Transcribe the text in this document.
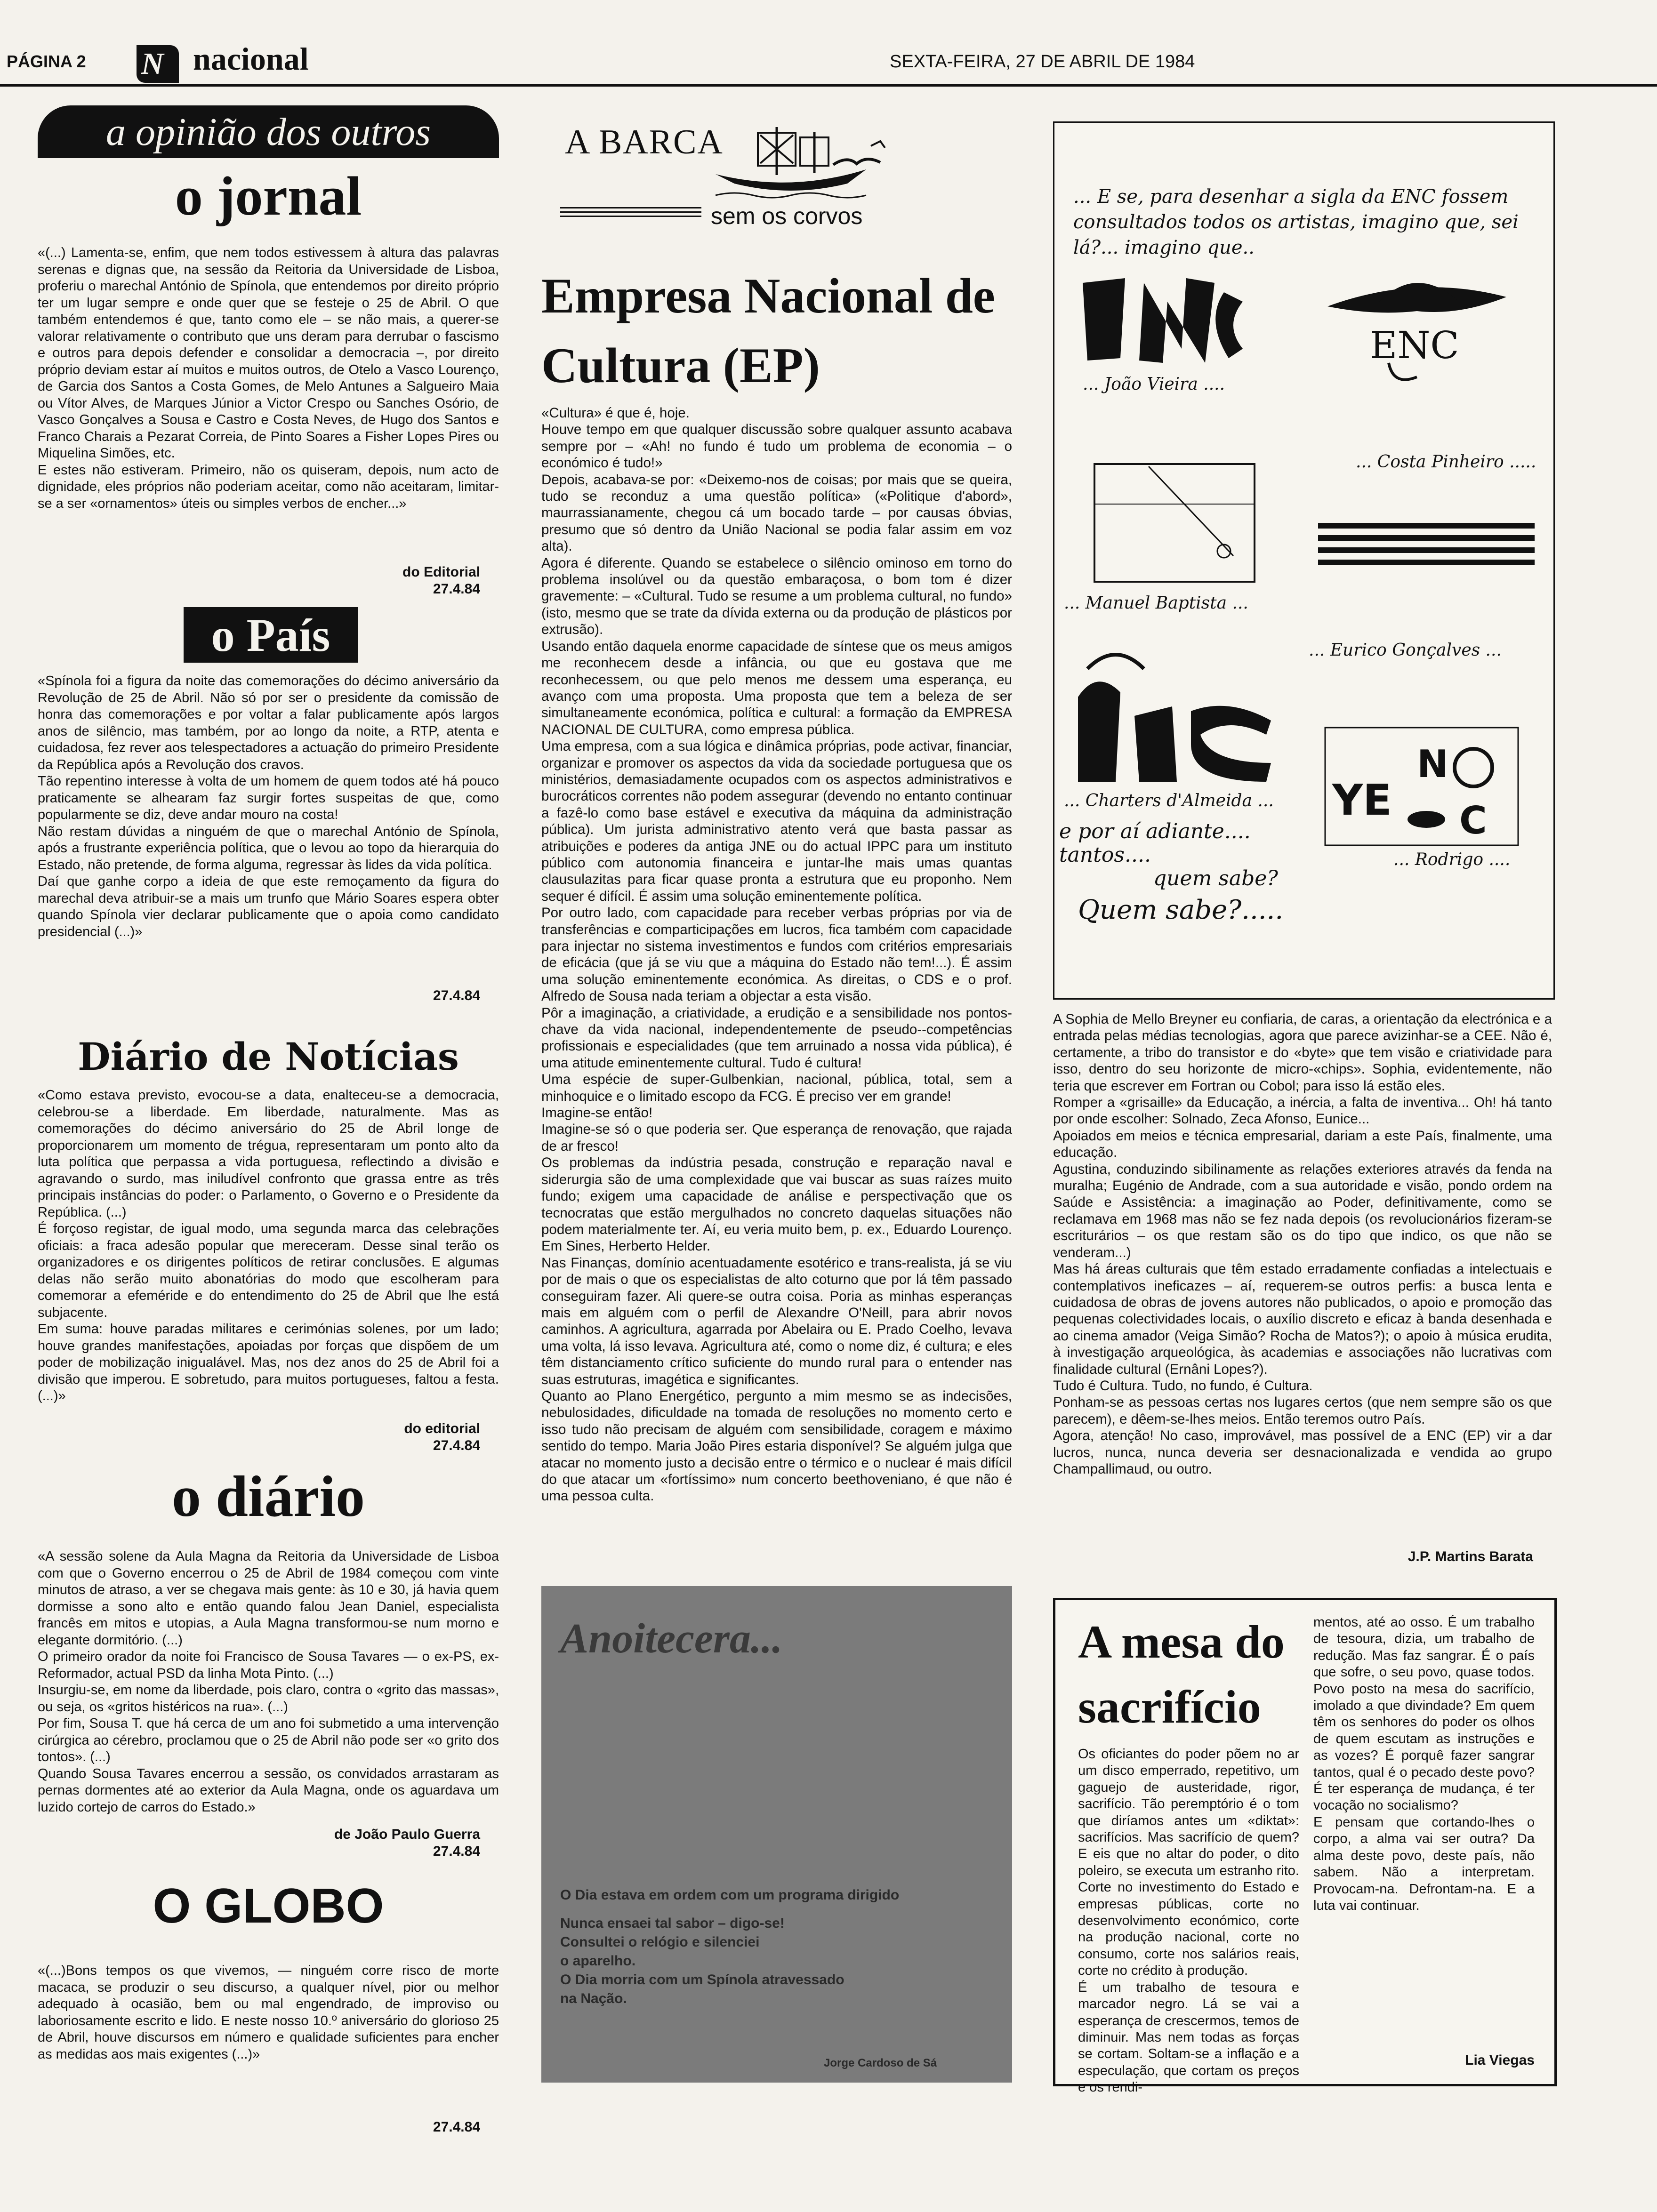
PÁGINA 2 N nacional	SEXTA-FEIRA, 27 DE ABRIL DE 1984
a opinião dos outros
o jornal

«(...) Lamenta-se, enfim, que nem todos estivessem à altura das palavras serenas e dignas que, na sessão da Reitoria da Universidade de Lisboa, proferiu o marechal António de Spínola, que entendemos por direito próprio ter um lugar sempre e onde quer que se festeje o 25 de Abril. O que também entendemos é que, tanto como ele – se não mais, a querer-se valorar relativamente o contributo que uns deram para derrubar o fascismo e outros para depois defender e consolidar a democracia –, por direito próprio deviam estar aí muitos e muitos outros, de Otelo a Vasco Lourenço, de Garcia dos Santos a Costa Gomes, de Melo Antunes a Salgueiro Maia ou Vítor Alves, de Marques Júnior a Victor Crespo ou Sanches Osório, de Vasco Gonçalves a Sousa e Castro e Costa Neves, de Hugo dos Santos e Franco Charais a Pezarat Correia, de Pinto Soares a Fisher Lopes Pires ou Miquelina Simões, etc.
E estes não estiveram. Primeiro, não os quiseram, depois, num acto de dignidade, eles próprios não poderiam aceitar, como não aceitaram, limitar-se a ser «ornamentos» úteis ou simples verbos de encher...»

do Editorial
27.4.84
o País

«Spínola foi a figura da noite das comemorações do décimo aniversário da Revolução de 25 de Abril. Não só por ser o presidente da comissão de honra das comemorações e por voltar a falar publicamente após largos anos de silêncio, mas também, por ao longo da noite, a RTP, atenta e cuidadosa, fez rever aos telespectadores a actuação do primeiro Presidente da República após a Revolução dos cravos.
Tão repentino interesse à volta de um homem de quem todos até há pouco praticamente se alhearam faz surgir fortes suspeitas de que, como popularmente se diz, deve andar mouro na costa!
Não restam dúvidas a ninguém de que o marechal António de Spínola, após a frustrante experiência política, que o levou ao topo da hierarquia do Estado, não pretende, de forma alguma, regressar às lides da vida política.
Daí que ganhe corpo a ideia de que este remoçamento da figura do marechal deva atribuir-se a mais um trunfo que Mário Soares espera obter quando Spínola vier declarar publicamente que o apoia como candidato presidencial (...)»

27.4.84
Diário de Notícias

«Como estava previsto, evocou-se a data, enalteceu-se a democracia, celebrou-se a liberdade. Em liberdade, naturalmente. Mas as comemorações do décimo aniversário do 25 de Abril longe de proporcionarem um momento de trégua, representaram um ponto alto da luta política que perpassa a vida portuguesa, reflectindo a divisão e agravando o surdo, mas iniludível confronto que grassa entre as três principais instâncias do poder: o Parlamento, o Governo e o Presidente da República. (...)
É forçoso registar, de igual modo, uma segunda marca das celebrações oficiais: a fraca adesão popular que mereceram. Desse sinal terão os organizadores e os dirigentes políticos de retirar conclusões. E algumas delas não serão muito abonatórias do modo que escolheram para comemorar a efeméride e do entendimento do 25 de Abril que lhe está subjacente.
Em suma: houve paradas militares e cerimónias solenes, por um lado; houve grandes manifestações, apoiadas por forças que dispõem de um poder de mobilização inigualável. Mas, nos dez anos do 25 de Abril foi a divisão que imperou. E sobretudo, para muitos portugueses, faltou a festa. (...)»

do editorial
27.4.84
o diário

«A sessão solene da Aula Magna da Reitoria da Universidade de Lisboa com que o Governo encerrou o 25 de Abril de 1984 começou com vinte minutos de atraso, a ver se chegava mais gente: às 10 e 30, já havia quem dormisse a sono alto e então quando falou Jean Daniel, especialista francês em mitos e utopias, a Aula Magna transformou-se num morno e elegante dormitório. (...)
O primeiro orador da noite foi Francisco de Sousa Tavares — o ex-PS, ex-Reformador, actual PSD da linha Mota Pinto. (...)
Insurgiu-se, em nome da liberdade, pois claro, contra o «grito das massas», ou seja, os «gritos histéricos na rua». (...)
Por fim, Sousa T. que há cerca de um ano foi submetido a uma intervenção cirúrgica ao cérebro, proclamou que o 25 de Abril não pode ser «o grito dos tontos». (...)
Quando Sousa Tavares encerrou a sessão, os convidados arrastaram as pernas dormentes até ao exterior da Aula Magna, onde os aguardava um luzido cortejo de carros do Estado.»

de João Paulo Guerra
27.4.84
O GLOBO

«(...)Bons tempos os que vivemos, — ninguém corre risco de morte macaca, se produzir o seu discurso, a qualquer nível, pior ou melhor adequado à ocasião, bem ou mal engendrado, de improviso ou laboriosamente escrito e lido. E neste nosso 10.º aniversário do glorioso 25 de Abril, houve discursos em número e qualidade suficientes para encher as medidas aos mais exigentes (...)»

27.4.84
A BARCA
sem os corvos
Empresa Nacional de Cultura (EP)

«Cultura» é que é, hoje.
Houve tempo em que qualquer discussão sobre qualquer assunto acabava sempre por – «Ah! no fundo é tudo um problema de economia – o económico é tudo!»
Depois, acabava-se por: «Deixemo-nos de coisas; por mais que se queira, tudo se reconduz a uma questão política» («Politique d'abord», maurrassianamente, chegou cá um bocado tarde – por causas óbvias, presumo que só dentro da União Nacional se podia falar assim em voz alta).
Agora é diferente. Quando se estabelece o silêncio ominoso em torno do problema insolúvel ou da questão embaraçosa, o bom tom é dizer gravemente: – «Cultural. Tudo se resume a um problema cultural, no fundo» (isto, mesmo que se trate da dívida externa ou da produção de plásticos por extrusão).
Usando então daquela enorme capacidade de síntese que os meus amigos me reconhecem desde a infância, ou que eu gostava que me reconhecessem, ou que pelo menos me dessem uma esperança, eu avanço com uma proposta. Uma proposta que tem a beleza de ser simultaneamente económica, política e cultural: a formação da EMPRESA NACIONAL DE CULTURA, como empresa pública.
Uma empresa, com a sua lógica e dinâmica próprias, pode activar, financiar, organizar e promover os aspectos da vida da sociedade portuguesa que os ministérios, demasiadamente ocupados com os aspectos administrativos e burocráticos correntes não podem assegurar (devendo no entanto continuar a fazê-lo como base estável e executiva da máquina da administração pública). Um jurista administrativo atento verá que basta passar as atribuições e poderes da antiga JNE ou do actual IPPC para um instituto público com autonomia financeira e juntar-lhe mais umas quantas clausulazitas para ficar quase pronta a estrutura que eu proponho. Nem sequer é difícil. É assim uma solução eminentemente política.
Por outro lado, com capacidade para receber verbas próprias por via de transferências e comparticipações em lucros, fica também com capacidade para injectar no sistema investimentos e fundos com critérios empresariais de eficácia (que já se viu que a máquina do Estado não tem!...). É assim uma solução eminentemente económica. As direitas, o CDS e o prof. Alfredo de Sousa nada teriam a objectar a esta visão.
Pôr a imaginação, a criatividade, a erudição e a sensibilidade nos pontos-chave da vida nacional, independentemente de pseudo--competências profissionais e especialidades (que tem arruinado a nossa vida pública), é uma atitude eminentemente cultural. Tudo é cultura!
Uma espécie de super-Gulbenkian, nacional, pública, total, sem a minhoquice e o limitado escopo da FCG. É preciso ver em grande!
Imagine-se então!
Imagine-se só o que poderia ser. Que esperança de renovação, que rajada de ar fresco!
Os problemas da indústria pesada, construção e reparação naval e siderurgia são de uma complexidade que vai buscar as suas raízes muito fundo; exigem uma capacidade de análise e perspectivação que os tecnocratas que estão mergulhados no concreto daquelas situações não podem materialmente ter. Aí, eu veria muito bem, p. ex., Eduardo Lourenço. Em Sines, Herberto Helder.
Nas Finanças, domínio acentuadamente esotérico e trans-realista, já se viu por de mais o que os especialistas de alto coturno que por lá têm passado conseguiram fazer. Ali quere-se outra coisa. Poria as minhas esperanças mais em alguém com o perfil de Alexandre O'Neill, para abrir novos caminhos. A agricultura, agarrada por Abelaira ou E. Prado Coelho, levava uma volta, lá isso levava. Agricultura até, como o nome diz, é cultura; e eles têm distanciamento crítico suficiente do mundo rural para o entender nas suas estruturas, imagética e significantes.
Quanto ao Plano Energético, pergunto a mim mesmo se as indecisões, nebulosidades, dificuldade na tomada de resoluções no momento certo e isso tudo não precisam de alguém com sensibilidade, coragem e máximo sentido do tempo. Maria João Pires estaria disponível? Se alguém julga que atacar no momento justo a decisão entre o térmico e o nuclear é mais difícil do que atacar um «fortíssimo» num concerto beethoveniano, é que não é uma pessoa culta.

Anoitecera...
O Dia estava em ordem com um programa dirigido
Nunca ensaei tal sabor – digo-se!
Consultei o relógio e silenciei
o aparelho.
O Dia morria com um Spínola atravessado
na Nação.
Jorge Cardoso de Sá
... E se, para desenhar a sigla da ENC fossem consultados todos os artistas, imagino que, sei lá?... imagino que..
... João Vieira ....
ENC
... Costa Pinheiro .....
... Manuel Baptista ...
... Eurico Gonçalves ...
... Charters d'Almeida ... YE
N
C
... Rodrigo ....
e por aí adiante....
tantos....
quem sabe?
Quem sabe?.....

A Sophia de Mello Breyner eu confiaria, de caras, a orientação da electrónica e a entrada pelas médias tecnologias, agora que parece avizinhar-se a CEE. Não é, certamente, a tribo do transistor e do «byte» que tem visão e criatividade para isso, dentro do seu horizonte de micro-«chips». Sophia, evidentemente, não teria que escrever em Fortran ou Cobol; para isso lá estão eles.
Romper a «grisaille» da Educação, a inércia, a falta de inventiva... Oh! há tanto por onde escolher: Solnado, Zeca Afonso, Eunice...
Apoiados em meios e técnica empresarial, dariam a este País, finalmente, uma educação.
Agustina, conduzindo sibilinamente as relações exteriores através da fenda na muralha; Eugénio de Andrade, com a sua autoridade e visão, pondo ordem na Saúde e Assistência: a imaginação ao Poder, definitivamente, como se reclamava em 1968 mas não se fez nada depois (os revolucionários fizeram-se escriturários – os que restam são os do tipo que indico, os que não se venderam...)
Mas há áreas culturais que têm estado erradamente confiadas a intelectuais e contemplativos ineficazes – aí, requerem-se outros perfis: a busca lenta e cuidadosa de obras de jovens autores não publicados, o apoio e promoção das pequenas colectividades locais, o auxílio discreto e eficaz à banda desenhada e ao cinema amador (Veiga Simão? Rocha de Matos?); o apoio à música erudita, à investigação arqueológica, às academias e associações não lucrativas com finalidade cultural (Ernâni Lopes?).
Tudo é Cultura. Tudo, no fundo, é Cultura.
Ponham-se as pessoas certas nos lugares certos (que nem sempre são os que parecem), e dêem-se-lhes meios. Então teremos outro País.
Agora, atenção! No caso, improvável, mas possível de a ENC (EP) vir a dar lucros, nunca, nunca deveria ser desnacionalizada e vendida ao grupo Champallimaud, ou outro.

J.P. Martins Barata
A mesa do sacrifício

Os oficiantes do poder põem no ar um disco emperrado, repetitivo, um gaguejo de austeridade, rigor, sacrifício. Tão peremptório é o tom que diríamos antes um «diktat»: sacrifícios. Mas sacrifício de quem? E eis que no altar do poder, o dito poleiro, se executa um estranho rito. Corte no investimento do Estado e empresas públicas, corte no desenvolvimento económico, corte na produção nacional, corte no consumo, corte nos salários reais, corte no crédito à produção.
É um trabalho de tesoura e marcador negro. Lá se vai a esperança de crescermos, temos de diminuir. Mas nem todas as forças se cortam. Soltam-se a inflação e a especulação, que cortam os preços e os rendi-

mentos, até ao osso. É um trabalho de tesoura, dizia, um trabalho de redução. Mas faz sangrar. É o país que sofre, o seu povo, quase todos. Povo posto na mesa do sacrifício, imolado a que divindade? Em quem têm os senhores do poder os olhos de quem escutam as instruções e as vozes? É porquê fazer sangrar tantos, qual é o pecado deste povo? É ter esperança de mudança, é ter vocação no socialismo?
E pensam que cortando-lhes o corpo, a alma vai ser outra? Da alma deste povo, deste país, não sabem. Não a interpretam. Provocam-na. Defrontam-na. E a luta vai continuar.

Lia Viegas
